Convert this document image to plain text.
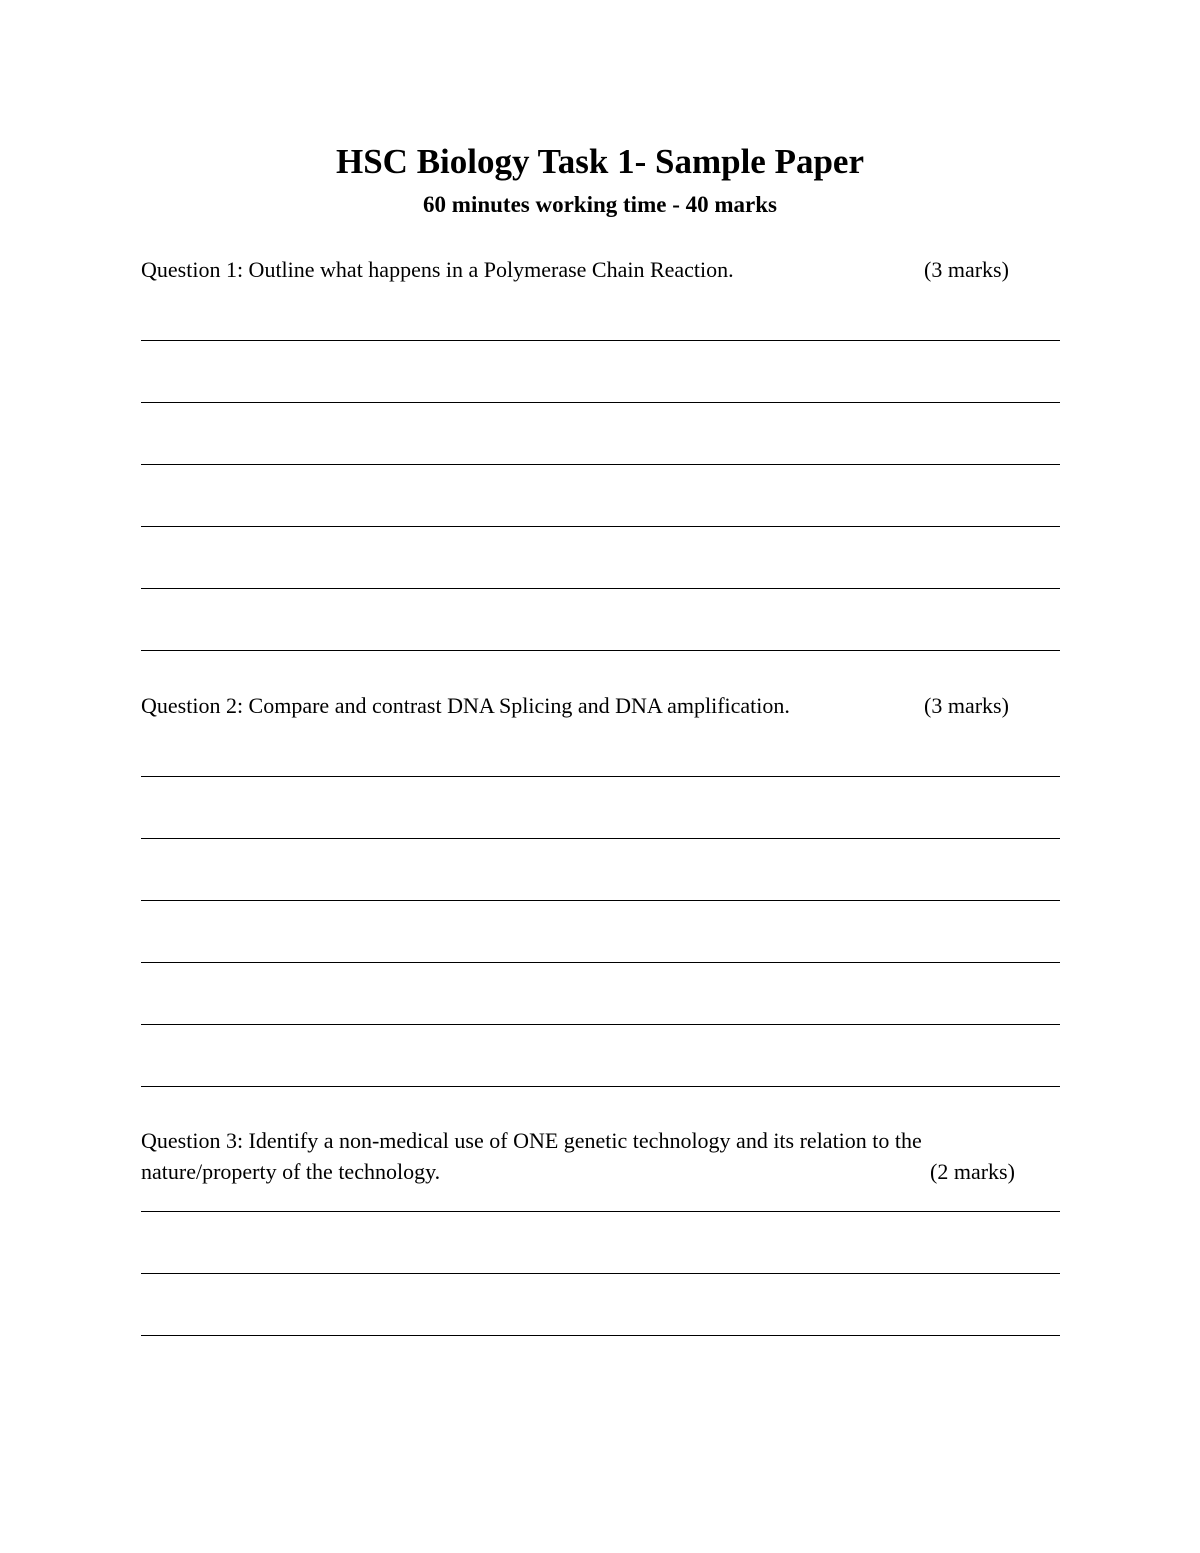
HSC Biology Task 1- Sample Paper
60 minutes working time - 40 marks
Question 1: Outline what happens in a Polymerase Chain Reaction.	(3 marks)
Question 2: Compare and contrast DNA Splicing and DNA amplification.	(3 marks)
Question 3: Identify a non-medical use of ONE genetic technology and its relation to the
nature/property of the technology.	(2 marks)
